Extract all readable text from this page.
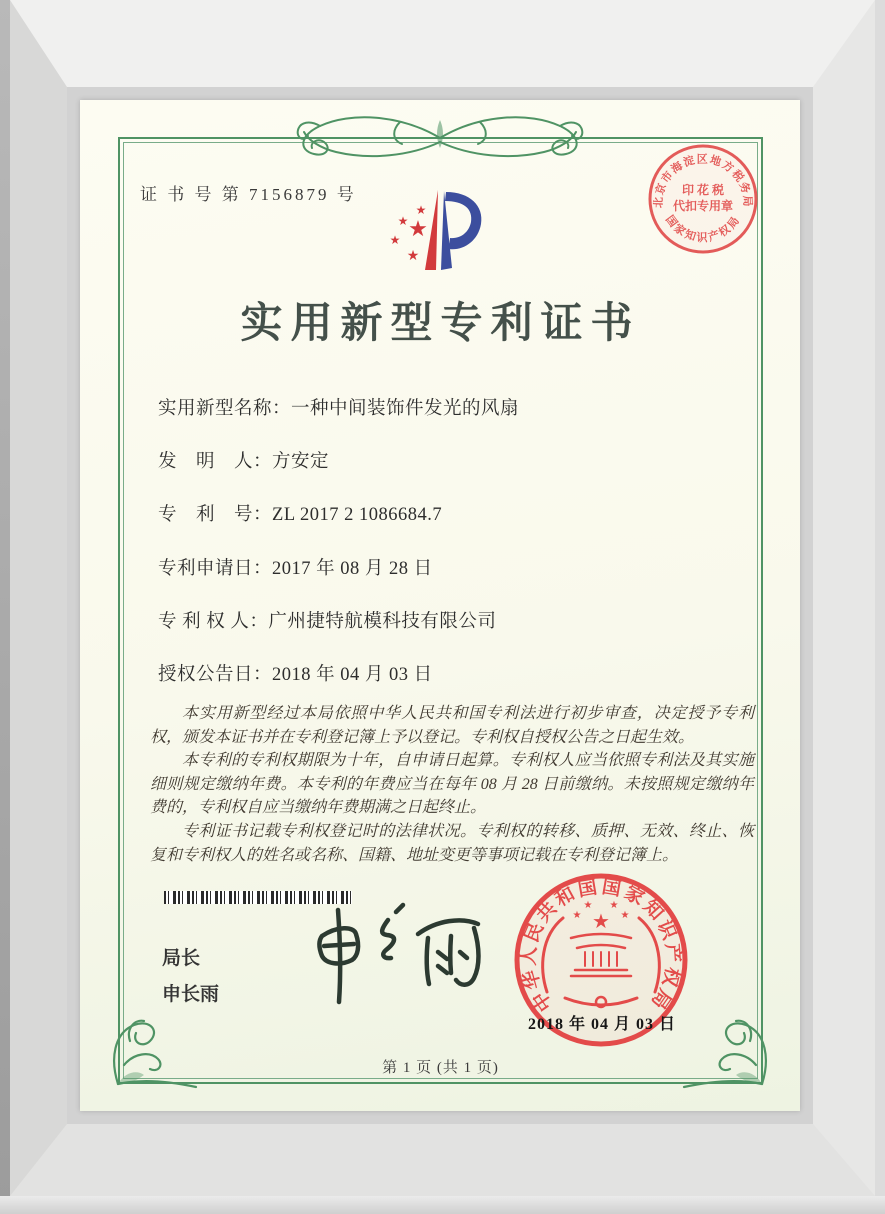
证 书 号 第 7156879 号
★
★ ★
★
★
北京市海淀区地方税务局
印 花 税
代扣专用章
国家知识产权局
实用新型专利证书
实用新型名称：一种中间装饰件发光的风扇
发　明　人：方安定
专　利　号：ZL 2017 2 1086684.7
专利申请日：2017 年 08 月 28 日
专 利 权 人：广州捷特航模科技有限公司
授权公告日：2018 年 04 月 03 日

本实用新型经过本局依照中华人民共和国专利法进行初步审查，决定授予专利权，颁发本证书并在专利登记簿上予以登记。专利权自授权公告之日起生效。

本专利的专利权期限为十年，自申请日起算。专利权人应当依照专利法及其实施细则规定缴纳年费。本专利的年费应当在每年 08 月 28 日前缴纳。未按照规定缴纳年费的，专利权自应当缴纳年费期满之日起终止。

专利证书记载专利权登记时的法律状况。专利权的转移、质押、无效、终止、恢复和专利权人的姓名或名称、国籍、地址变更等事项记载在专利登记簿上。

局长
申长雨	中华人民共和国国家知识产权局
★
★
★ ★
★
2018 年 04 月 03 日
第 1 页 (共 1 页)
